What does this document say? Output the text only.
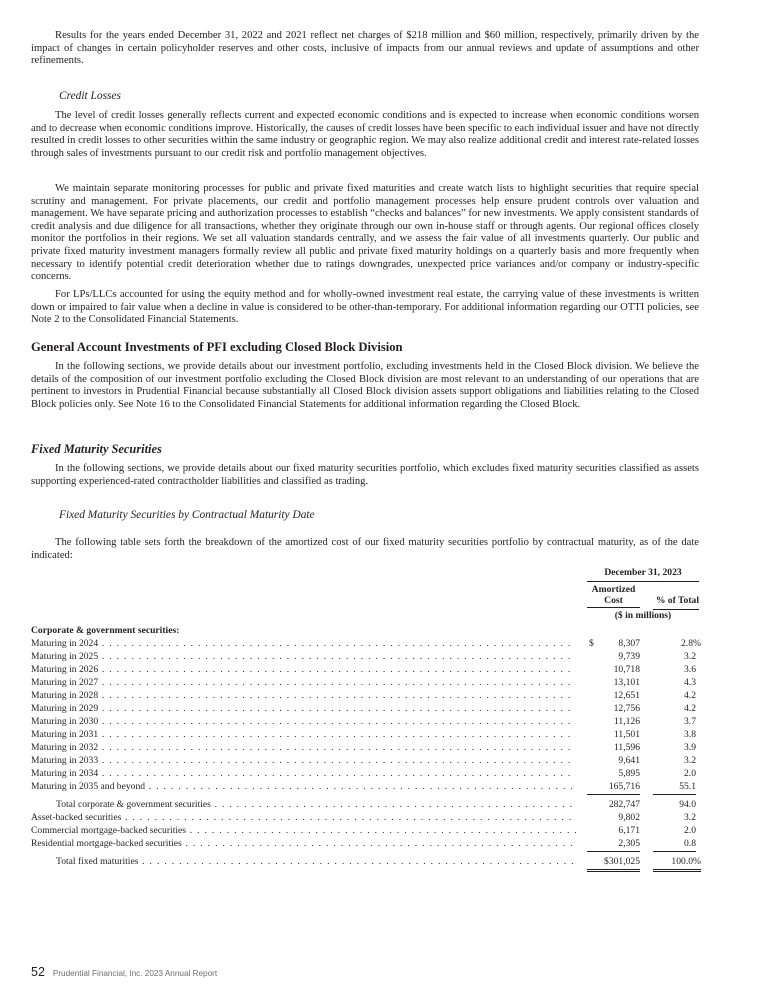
Results for the years ended December 31, 2022 and 2021 reflect net charges of $218 million and $60 million, respectively, primarily driven by the impact of changes in certain policyholder reserves and other costs, inclusive of impacts from our annual reviews and update of assumptions and other refinements.

Credit Losses

The level of credit losses generally reflects current and expected economic conditions and is expected to increase when economic conditions worsen and to decrease when economic conditions improve. Historically, the causes of credit losses have been specific to each individual issuer and have not directly resulted in credit losses to other securities within the same industry or geographic region. We may also realize additional credit and interest rate-related losses through sales of investments pursuant to our credit risk and portfolio management objectives.

We maintain separate monitoring processes for public and private fixed maturities and create watch lists to highlight securities that require special scrutiny and management. For private placements, our credit and portfolio management processes help ensure prudent controls over valuation and management. We have separate pricing and authorization processes to establish “checks and balances” for new investments. We apply consistent standards of credit analysis and due diligence for all transactions, whether they originate through our own in-house staff or through agents. Our regional offices closely monitor the portfolios in their regions. We set all valuation standards centrally, and we assess the fair value of all investments quarterly. Our public and private fixed maturity investment managers formally review all public and private fixed maturity holdings on a quarterly basis and more frequently when necessary to identify potential credit deterioration whether due to ratings downgrades, unexpected price variances and/or company or industry-specific concerns.

For LPs/LLCs accounted for using the equity method and for wholly-owned investment real estate, the carrying value of these investments is written down or impaired to fair value when a decline in value is considered to be other-than-temporary. For additional information regarding our OTTI policies, see Note 2 to the Consolidated Financial Statements.

General Account Investments of PFI excluding Closed Block Division

In the following sections, we provide details about our investment portfolio, excluding investments held in the Closed Block division. We believe the details of the composition of our investment portfolio excluding the Closed Block division are most relevant to an understanding of our operations that are pertinent to investors in Prudential Financial because substantially all Closed Block division assets support obligations and liabilities relating to the Closed Block policies only. See Note 16 to the Consolidated Financial Statements for additional information regarding the Closed Block.

Fixed Maturity Securities

In the following sections, we provide details about our fixed maturity securities portfolio, which excludes fixed maturity securities classified as assets supporting experienced-rated contractholder liabilities and classified as trading.

Fixed Maturity Securities by Contractual Maturity Date

The following table sets forth the breakdown of the amortized cost of our fixed maturity securities portfolio by contractual maturity, as of the date indicated:

December 31, 2023
Amortized Cost	% of Total
($ in millions)
Corporate & government securities:
Maturing in 2024 . . .	$	8,307	2.8%
Maturing in 2025 . . .	9,739	3.2
Maturing in 2026 . . .	10,718	3.6
Maturing in 2027 . . .	13,101	4.3
Maturing in 2028 . . .	12,651	4.2
Maturing in 2029 . . .	12,756	4.2
Maturing in 2030 . . .	11,126	3.7
Maturing in 2031 . . .	11,501	3.8
Maturing in 2032 . . .	11,596	3.9
Maturing in 2033 . . .	9,641	3.2
Maturing in 2034 . . .	5,895	2.0
Maturing in 2035 and beyond . . .	165,716	55.1
Total corporate & government securities . . .	282,747	94.0
Asset-backed securities . . .	9,802	3.2
Commercial mortgage-backed securities . . .	6,171	2.0
Residential mortgage-backed securities . . .	2,305	0.8
Total fixed maturities . . .	$301,025	100.0%
52 Prudential Financial, Inc. 2023 Annual Report
